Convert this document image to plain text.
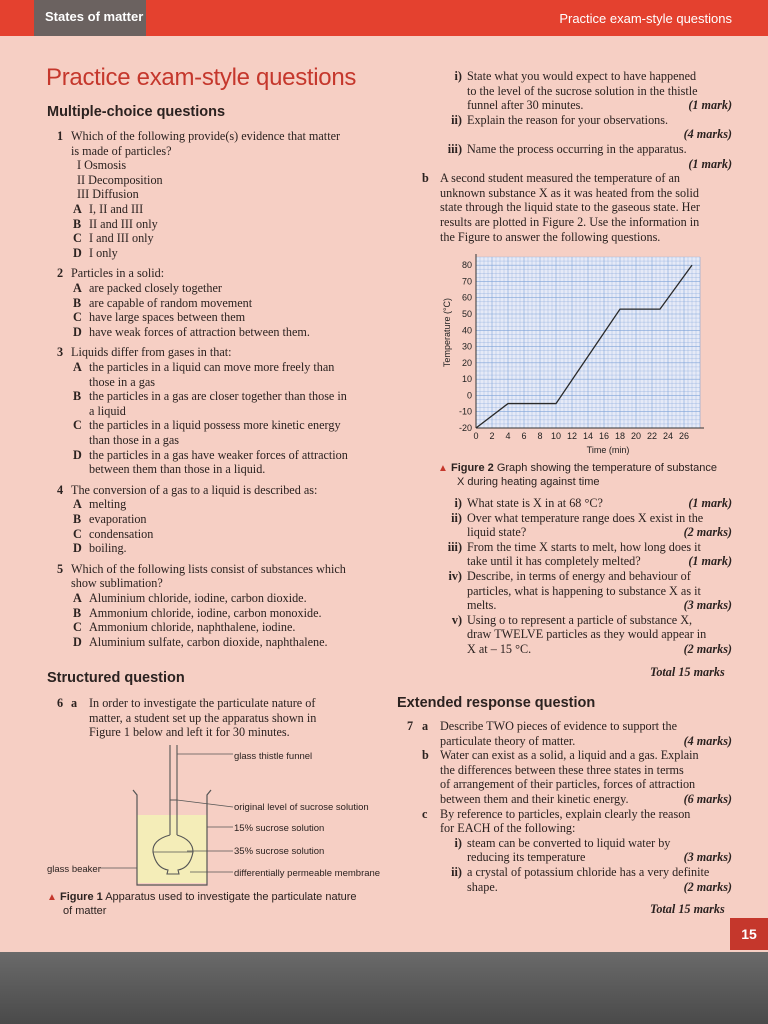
States of matter	Practice exam-style questions
Practice exam-style questions
Multiple-choice questions
Structured question
6 a In order to investigate the particulate nature of
matter, a student set up the apparatus shown in
Figure 1 below and left it for 30 minutes.
glass thistle funnel
original level of sucrose solution
15% sucrose solution
35% sucrose solution
differentially permeable membrane
glass beaker
▲ Figure 1 Apparatus used to investigate the particulate nature
of matter
0 2 4 6 8 10 12 14 16 18 20 22 24 26
-20
-10
0
10
20
30
40
50
60
70
80
Time (min)
Temperature (°C)
▲ Figure 2 Graph showing the temperature of substance
X during heating against time
Total 15 marks
Extended response question
Total 15 marks
15
1 Which of the following provide(s) evidence that matter
is made of particles?
I Osmosis
II Decomposition
III Diffusion
A I, II and III
B II and III only
C I and III only
D I only
2 Particles in a solid:
A are packed closely together
B are capable of random movement
C have large spaces between them
D have weak forces of attraction between them.
3 Liquids differ from gases in that:
A the particles in a liquid can move more freely than
those in a gas
B the particles in a gas are closer together than those in
a liquid
C the particles in a liquid possess more kinetic energy
than those in a gas
D the particles in a gas have weaker forces of attraction
between them than those in a liquid.
4 The conversion of a gas to a liquid is described as:
A melting
B evaporation
C condensation
D boiling.
5 Which of the following lists consist of substances which
show sublimation?
A Aluminium chloride, iodine, carbon dioxide.
B Ammonium chloride, iodine, carbon monoxide.
C Ammonium chloride, naphthalene, iodine.
D Aluminium sulfate, carbon dioxide, naphthalene.
i) State what you would expect to have happened
to the level of the sucrose solution in the thistle
funnel after 30 minutes.	(1 mark)
ii) Explain the reason for your observations.
(4 marks)
iii) Name the process occurring in the apparatus.
(1 mark)
b A second student measured the temperature of an
unknown substance X as it was heated from the solid
state through the liquid state to the gaseous state. Her
results are plotted in Figure 2. Use the information in
the Figure to answer the following questions.
i) What state is X in at 68 °C?	(1 mark)
ii) Over what temperature range does X exist in the
liquid state?	(2 marks)
iii) From the time X starts to melt, how long does it
take until it has completely melted?	(1 mark)
iv) Describe, in terms of energy and behaviour of
particles, what is happening to substance X as it
melts.	(3 marks)
v) Using o to represent a particle of substance X,
draw TWELVE particles as they would appear in
X at – 15 °C.	(2 marks)
7 a Describe TWO pieces of evidence to support the
particulate theory of matter.	(4 marks)
b Water can exist as a solid, a liquid and a gas. Explain
the differences between these three states in terms
of arrangement of their particles, forces of attraction
between them and their kinetic energy.	(6 marks)
c By reference to particles, explain clearly the reason
for EACH of the following:
i) steam can be converted to liquid water by
reducing its temperature	(3 marks)
ii) a crystal of potassium chloride has a very definite
shape.	(2 marks)
